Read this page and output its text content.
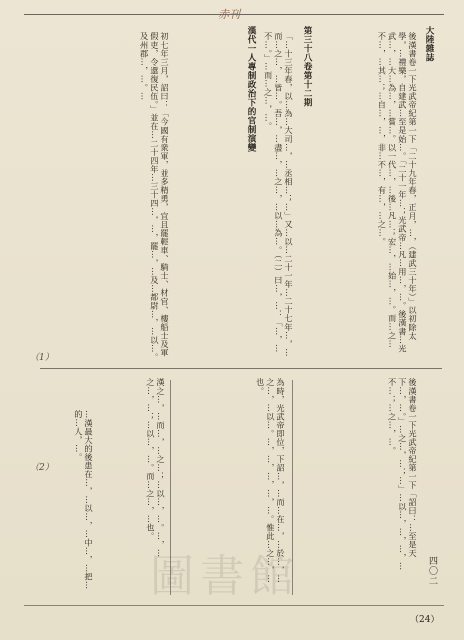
赤刊
大陸雜誌
第三十八卷第十二期
漢代一人專制政治下的官制演變	後漢書卷一下光武帝紀第一下「二十九年春，正月，…，（建武三十年）」以初除太學，…禮樂，自建武…至是始…。「二十一年…；光武帝…凡…用…，…。後漢書…光武…，…大…為…，…嘗…。以一代…，…後…凡…；宏…，…始…，…。而…之…不…，…其…；…自…，…，非…不…，有…，…之…。

「…十三年春，以…為…大司…，…丞相…；…」又…以…二十一年…二十七年…，…而…之…，…皆…。吾…，…盡…，…之…，…以…為…。（二）曰…，…：「…，…不…。」…而…之…，…。

初七年三月，詔曰：「今國有衆軍，並多精勇，宜且罷輕車、騎士、材官、樓船士及軍假吏，令還復民伍。」並在…二十四年…三十四…，…，罷…，…及…都尉…，…以…。及州郡…，…。…

（1）

後漢書卷一下光武帝紀第一下「詔曰：…至是天下…，…。」…之…，…；…」…以…，…，…，…不…；…之…，…。

為時，光武帝即位，下詔…，…而…在…，…於…，…之…，…以…。…，…，…，…，…。惟此…之…，…也。

漢之…，…而…，…之…；…以…，…。…，…之…，…；…以…，…。而…之…，…也。

…漢最大的後患在…，…以…，…中…，…把…的…人，…。

（2）
圖書館	四〇二
（24）
